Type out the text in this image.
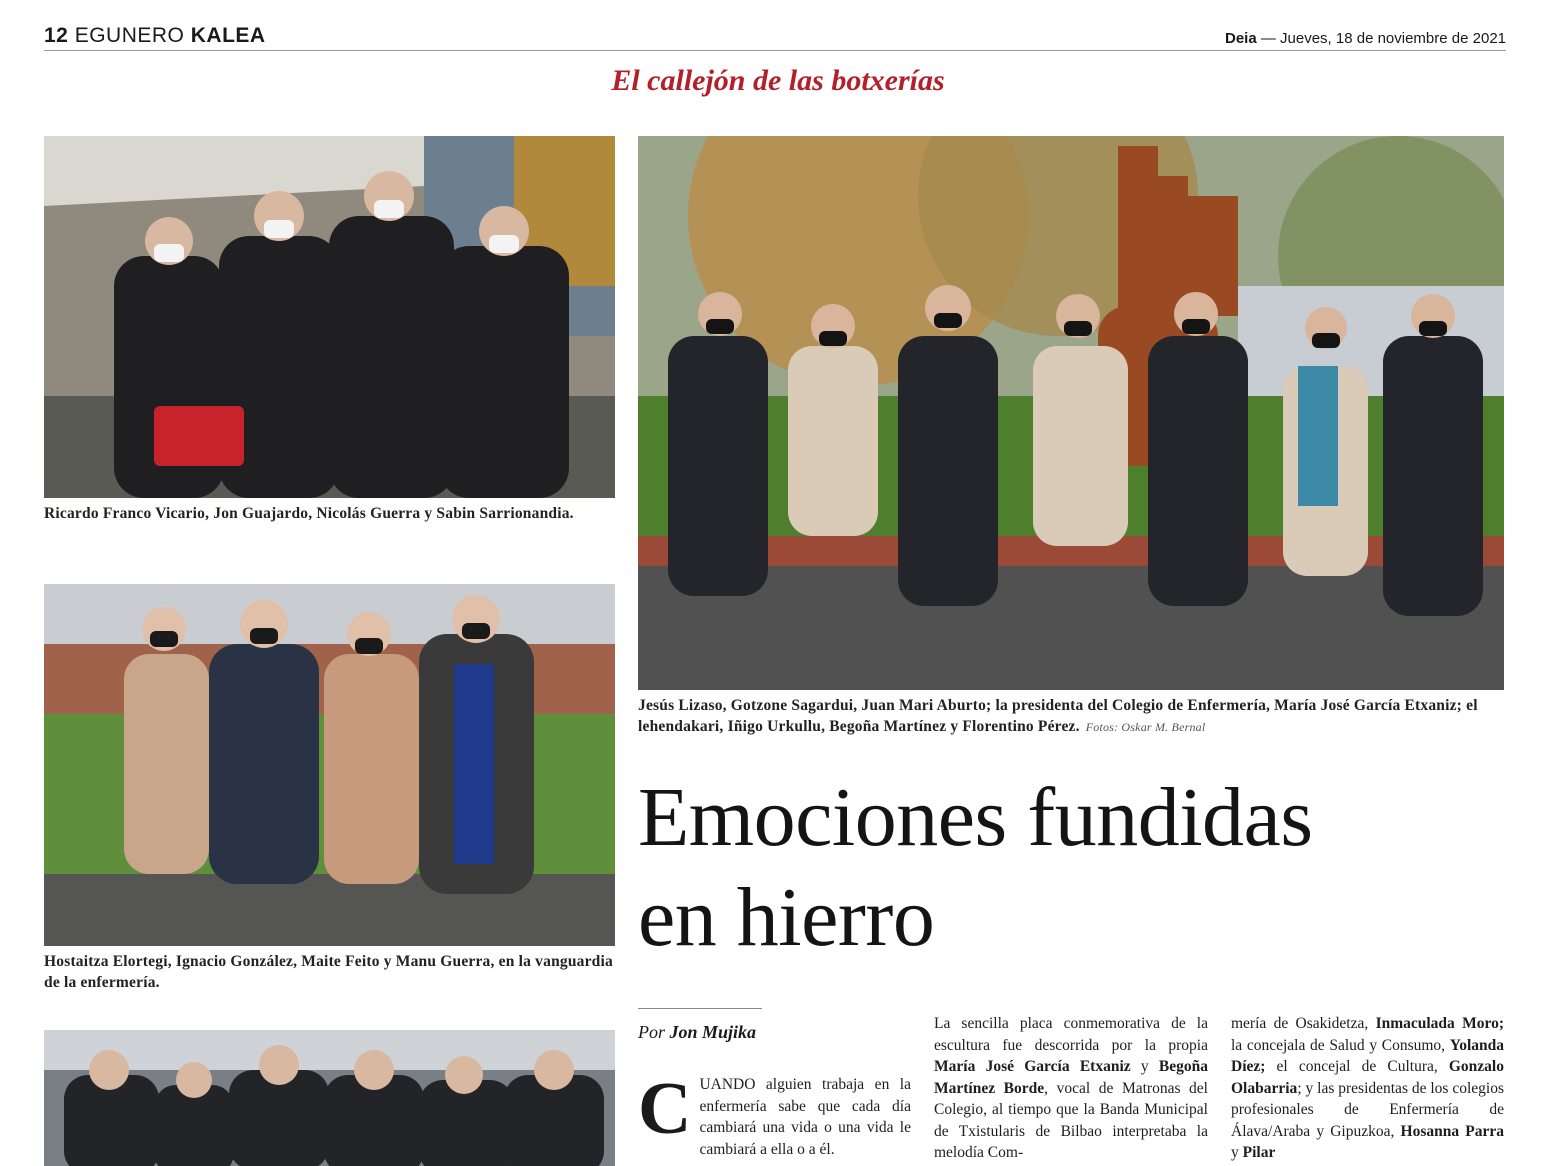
12 EGUNERO KALEA	Deia — Jueves, 18 de noviembre de 2021
El callejón de las botxerías
Ricardo Franco Vicario, Jon Guajardo, Nicolás Guerra y Sabin Sarrionandia.
Hostaitza Elortegi, Ignacio González, Maite Feito y Manu Guerra, en la vanguardia de la enfermería.
Jesús Lizaso, Gotzone Sagardui, Juan Mari Aburto; la presidenta del Colegio de Enfermería, María José García Etxaniz; el lehendakari, Iñigo Urkullu, Begoña Martínez y Florentino Pérez. Fotos: Oskar M. Bernal
Emociones fundidas
en hierro
Por Jon Mujika

CUANDO alguien trabaja en la enfermería sabe que cada día cambiará una vida o una vida le cambiará a ella o a él.

La sencilla placa conmemorativa de la escultura fue descorrida por la propia María José García Etxaniz y Begoña Martínez Borde, vocal de Matronas del Colegio, al tiempo que la Banda Municipal de Txistularis de Bilbao interpretaba la melodía Com-

mería de Osakidetza, Inmaculada Moro; la concejala de Salud y Consumo, Yolanda Díez; el concejal de Cultura, Gonzalo Olabarria; y las presidentas de los colegios profesionales de Enfermería de Álava/Araba y Gipuzkoa, Hosanna Parra y Pilar
